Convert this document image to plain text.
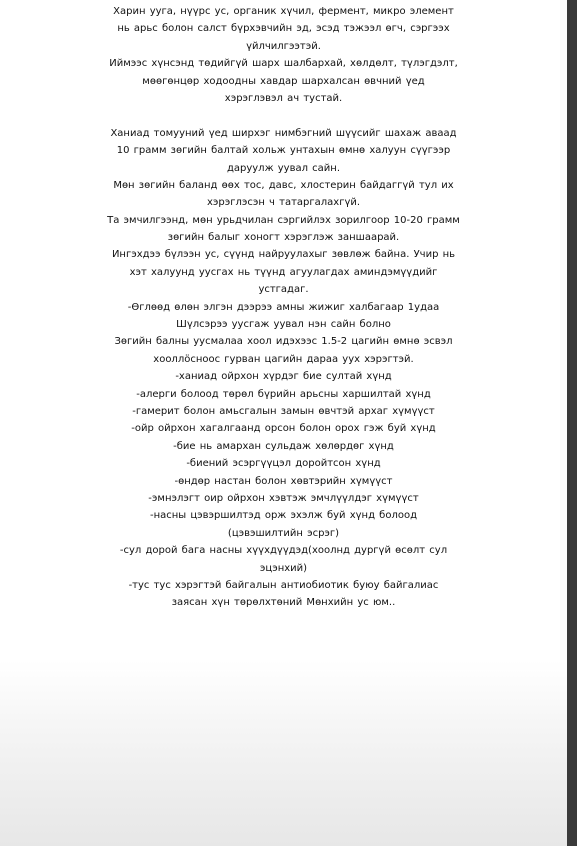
Харин ууга, нүүрс ус, органик хүчил, фермент, микро элемент
нь арьс болон салст бүрхэвчийн эд, эсэд тэжээл өгч, сэргээх
үйлчилгээтэй.
Иймээс хүнсэнд төдийгүй шарх шалбархай, хөлдөлт, түлэгдэлт,
мөөгөнцөр ходоодны хавдар шархалсан өвчний үед
хэрэглэвэл ач тустай.
Ханиад томууний үед ширхэг нимбэгний шүүсийг шахаж аваад
10 грамм зөгийн балтай хольж унтахын өмнө халуун сүүгээр
даруулж уувал сайн.
Мөн зөгийн баланд өөх тос, давс, хлостерин байдаггүй тул их
хэрэглэсэн ч татаргалахгүй.
Та эмчилгээнд, мөн урьдчилан сэргийлэх зорилгоор 10-20 грамм
зөгийн балыг хоногт хэрэглэж заншаарай.
Ингэхдээ бүлээн ус, сүүнд найруулахыг зөвлөж байна. Учир нь
хэт халуунд уусгах нь түүнд агуулагдах аминдэмүүдийг
устгадаг.
-Өглөөд өлөн элгэн дээрээ амны жижиг халбагаар 1удаа
Шүлсэрээ уусгаж уувал нэн сайн болно
Зөгийн балны уусмалаа хоол идэхээс 1.5-2 цагийн өмнө эсвэл
хооллӧсноос гурван цагийн дараа уух хэрэгтэй.
-ханиад ойрхон хүрдэг бие султай хүнд
-алерги болоод төрөл бүрийн арьсны харшилтай хүнд
-гамерит болон амьсгалын замын өвчтэй архаг хүмүүст
-ойр ойрхон хагалгаанд орсон болон орох гэж буй хүнд
-бие нь амархан сульдаж хөлөрдөг хүнд
-биений эсэргүүцэл доройтсон хүнд
-өндөр настан болон хөвтэрийн хүмүүст
-эмнэлэгт оир ойрхон хэвтэж эмчлүүлдэг хүмүүст
-насны цэвэршилтэд орж эхэлж буй хүнд болоод
(цэвэшилтийн эсрэг)
-сул дорой бага насны хүүхдүүдэд(хоолнд дургүй өсөлт сул
эцэнхий)
-тус тус хэрэгтэй байгалын антиобиотик буюу байгалиас
заясан хүн төрөлхтөний Мөнхийн ус юм..
